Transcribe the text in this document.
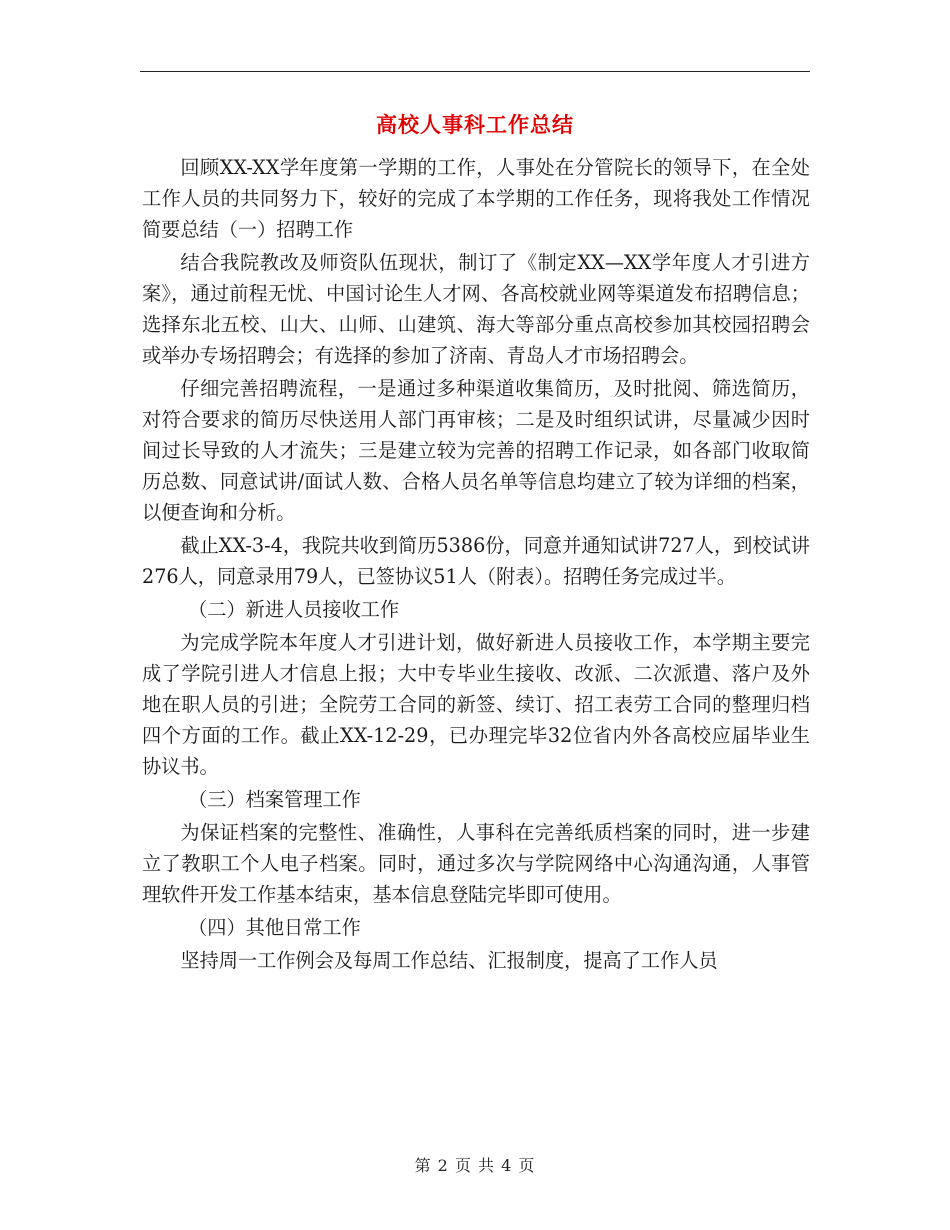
高校人事科工作总结

回顾XX-XX学年度第一学期的工作，人事处在分管院长的领导下，在全处工作人员的共同努力下，较好的完成了本学期的工作任务，现将我处工作情况简要总结（一）招聘工作

结合我院教改及师资队伍现状，制订了《制定XX—XX学年度人才引进方案》，通过前程无忧、中国讨论生人才网、各高校就业网等渠道发布招聘信息；选择东北五校、山大、山师、山建筑、海大等部分重点高校参加其校园招聘会或举办专场招聘会；有选择的参加了济南、青岛人才市场招聘会。

仔细完善招聘流程，一是通过多种渠道收集简历，及时批阅、筛选简历，对符合要求的简历尽快送用人部门再审核；二是及时组织试讲，尽量减少因时间过长导致的人才流失；三是建立较为完善的招聘工作记录，如各部门收取简历总数、同意试讲/面试人数、合格人员名单等信息均建立了较为详细的档案，以便查询和分析。

截止XX-3-4，我院共收到简历5386份，同意并通知试讲727人，到校试讲276人，同意录用79人，已签协议51人（附表）。招聘任务完成过半。

（二）新进人员接收工作

为完成学院本年度人才引进计划，做好新进人员接收工作，本学期主要完成了学院引进人才信息上报；大中专毕业生接收、改派、二次派遣、落户及外地在职人员的引进；全院劳工合同的新签、续订、招工表劳工合同的整理归档四个方面的工作。截止XX-12-29，已办理完毕32位省内外各高校应届毕业生协议书。

（三）档案管理工作

为保证档案的完整性、准确性，人事科在完善纸质档案的同时，进一步建立了教职工个人电子档案。同时，通过多次与学院网络中心沟通沟通，人事管理软件开发工作基本结束，基本信息登陆完毕即可使用。

（四）其他日常工作

坚持周一工作例会及每周工作总结、汇报制度，提高了工作人员

第 2 页 共 4 页
